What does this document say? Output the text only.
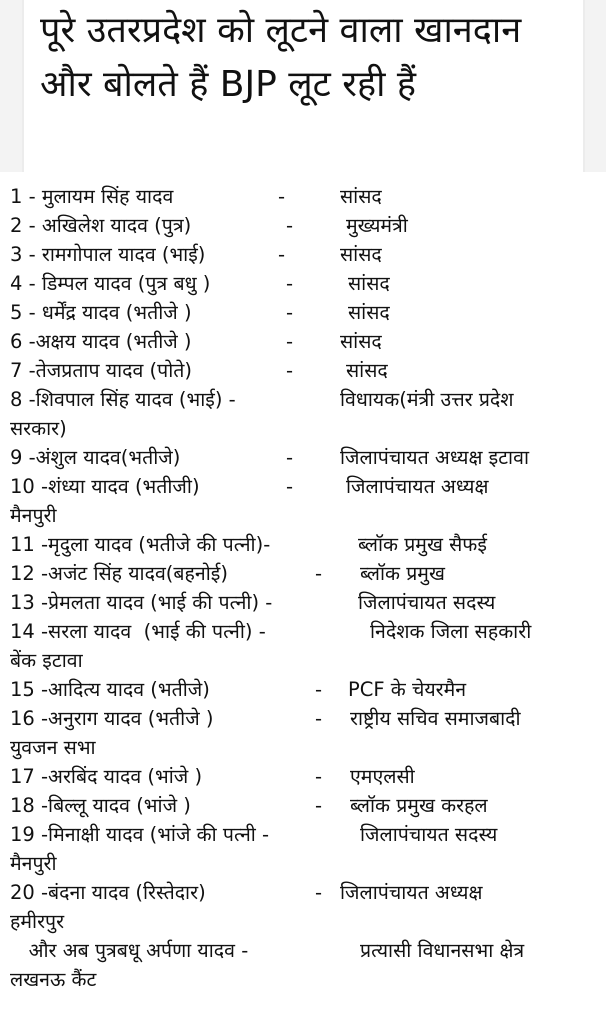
पूरे उतरप्रदेश को लूटने वाला खानदान और बोलते हैं BJP लूट रही हैं
1 - मुलायम सिंह यादव	-	सांसद
2 - अखिलेश यादव (पुत्र)	-	मुख्यमंत्री
3 - रामगोपाल यादव (भाई)	-	सांसद
4 - डिम्पल यादव (पुत्र बधु )	-	सांसद
5 - धर्मेंद्र यादव (भतीजे )	-	सांसद
6 -अक्षय यादव (भतीजे )	- सांसद
7 -तेजप्रताप यादव (पोते)	-	सांसद
8 -शिवपाल सिंह यादव (भाई) -	विधायक(मंत्री उत्तर प्रदेश
सरकार)
9 -अंशुल यादव(भतीजे)	- जिलापंचायत अध्यक्ष इटावा
10 -शंध्या यादव (भतीजी)	-	जिलापंचायत अध्यक्ष
मैनपुरी
11 -मृदुला यादव (भतीजे की पत्नी)-	ब्लॉक प्रमुख सैफई
12 -अजंट सिंह यादव(बहनोई)	- ब्लॉक प्रमुख
13 -प्रेमलता यादव (भाई की पत्नी) -	जिलापंचायत सदस्य
14 -सरला यादव  (भाई की पत्नी) -	निदेशक जिला सहकारी
बेंक इटावा
15 -आदित्य यादव (भतीजे)	- PCF के चेयरमैन
16 -अनुराग यादव (भतीजे )	- राष्ट्रीय सचिव समाजबादी
युवजन सभा
17 -अरबिंद यादव (भांजे )	- एमएलसी
18 -बिल्लू यादव (भांजे )	- ब्लॉक प्रमुख करहल
19 -मिनाक्षी यादव (भांजे की पत्नी -	जिलापंचायत सदस्य
मैनपुरी
20 -बंदना यादव (रिस्तेदार)	- जिलापंचायत अध्यक्ष
हमीरपुर
और अब पुत्रबधू अर्पणा यादव -	प्रत्यासी विधानसभा क्षेत्र
लखनऊ कैंट
